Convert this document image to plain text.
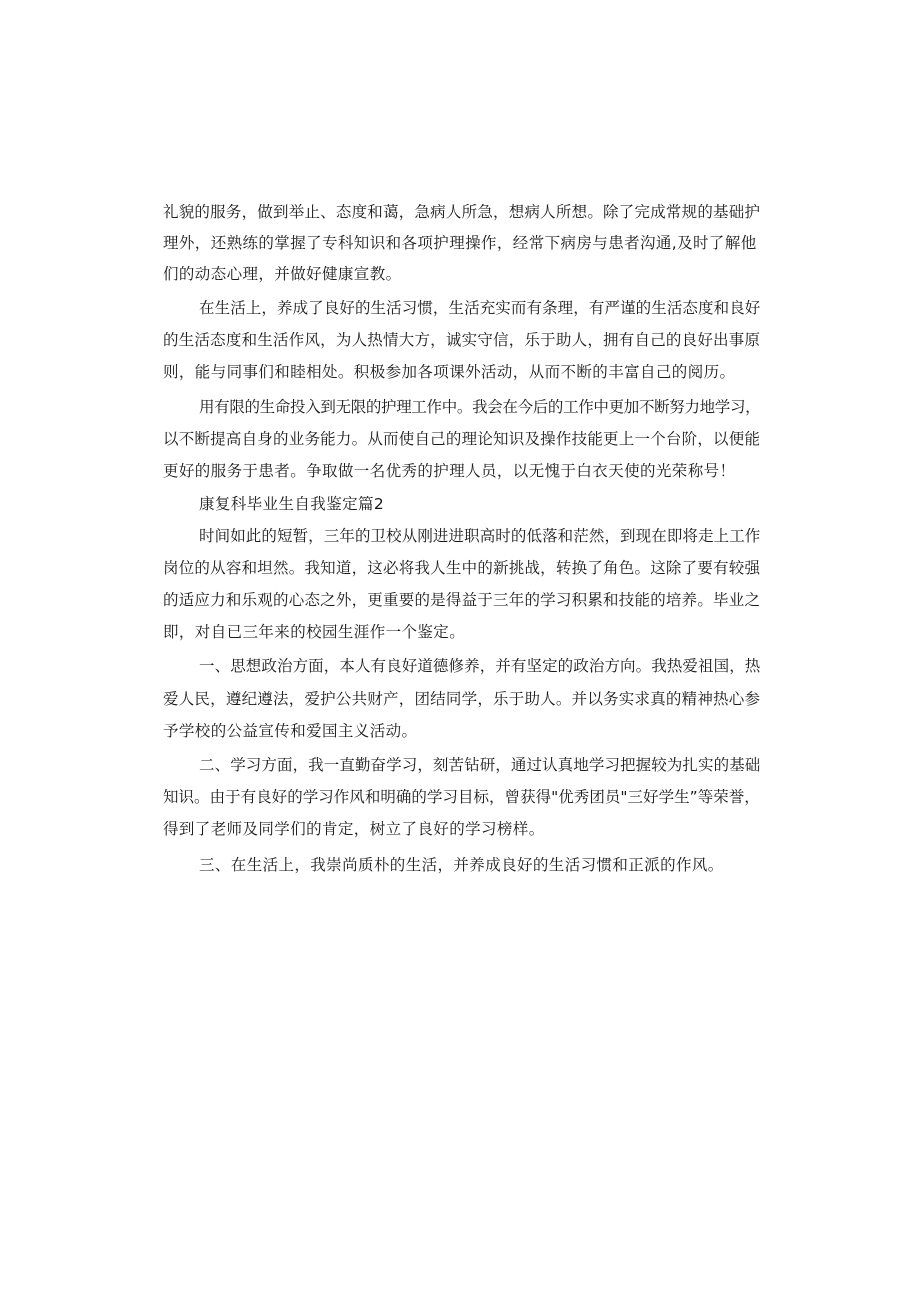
礼貌的服务，做到举止、态度和蔼，急病人所急，想病人所想。除了完成常规的基础护
理外，还熟练的掌握了专科知识和各项护理操作，经常下病房与患者沟通,及时了解他
们的动态心理，并做好健康宣教。
在生活上，养成了良好的生活习惯，生活充实而有条理，有严谨的生活态度和良好
的生活态度和生活作风，为人热情大方，诚实守信，乐于助人，拥有自己的良好出事原
则，能与同事们和睦相处。积极参加各项课外活动，从而不断的丰富自己的阅历。
用有限的生命投入到无限的护理工作中。我会在今后的工作中更加不断努力地学习，
以不断提高自身的业务能力。从而使自己的理论知识及操作技能更上一个台阶，以便能
更好的服务于患者。争取做一名优秀的护理人员，以无愧于白衣天使的光荣称号！
康复科毕业生自我鉴定篇2
时间如此的短暂，三年的卫校从刚进进职高时的低落和茫然，到现在即将走上工作
岗位的从容和坦然。我知道，这必将我人生中的新挑战，转换了角色。这除了要有较强
的适应力和乐观的心态之外，更重要的是得益于三年的学习积累和技能的培养。毕业之
即，对自已三年来的校园生涯作一个鉴定。
一、思想政治方面，本人有良好道德修养，并有坚定的政治方向。我热爱祖国，热
爱人民，遵纪遵法，爱护公共财产，团结同学，乐于助人。并以务实求真的精神热心参
予学校的公益宣传和爱国主义活动。
二、学习方面，我一直勤奋学习，刻苦钻研，通过认真地学习把握较为扎实的基础
知识。由于有良好的学习作风和明确的学习目标，曾获得"优秀团员"三好学生”等荣誉，
得到了老师及同学们的肯定，树立了良好的学习榜样。
三、在生活上，我崇尚质朴的生活，并养成良好的生活习惯和正派的作风。
